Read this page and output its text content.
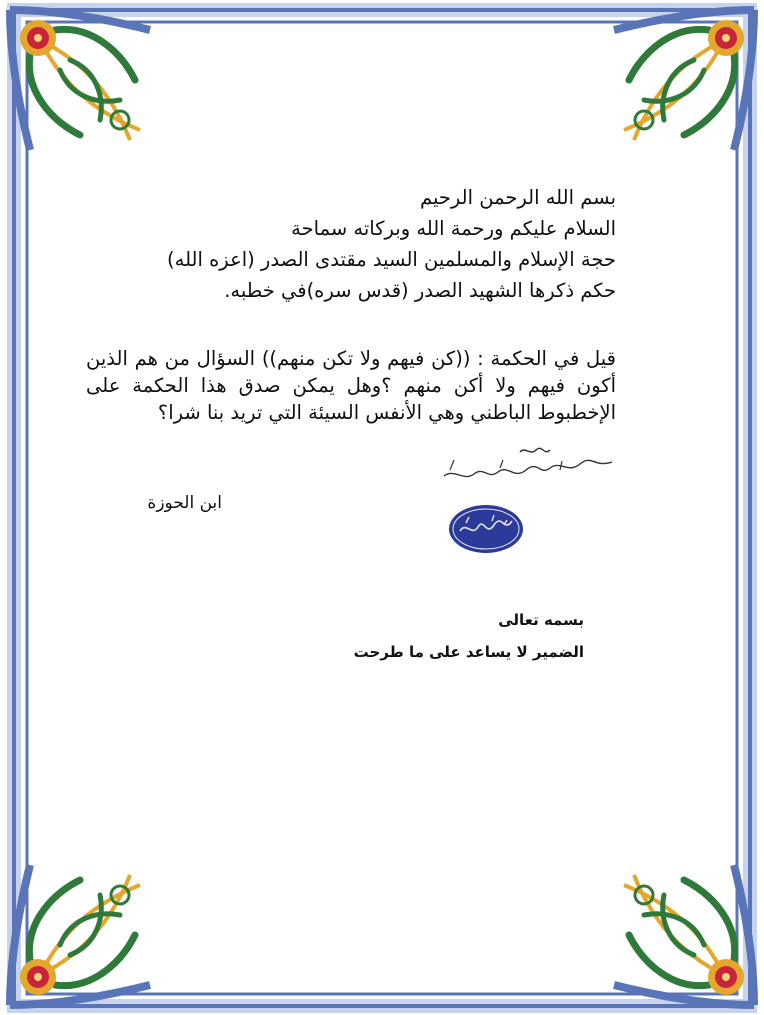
بسم الله الرحمن الرحيم
السلام عليكم ورحمة الله وبركاته سماحة
حجة الإسلام والمسلمين السيد مقتدى الصدر (اعزه الله)
حكم ذكرها الشهيد الصدر (قدس سره)في خطبه.
قيل في الحكمة : ((كن فيهم ولا تكن منهم)) السؤال من هم الذين أكون فيهم ولا أكن منهم ؟وهل يمكن صدق هذا الحكمة على الإخطبوط الباطني وهي الأنفس السيئة التي تريد بنا شرا؟
ابن الحوزة
بسمه تعالى
الضمير لا يساعد على ما طرحت
